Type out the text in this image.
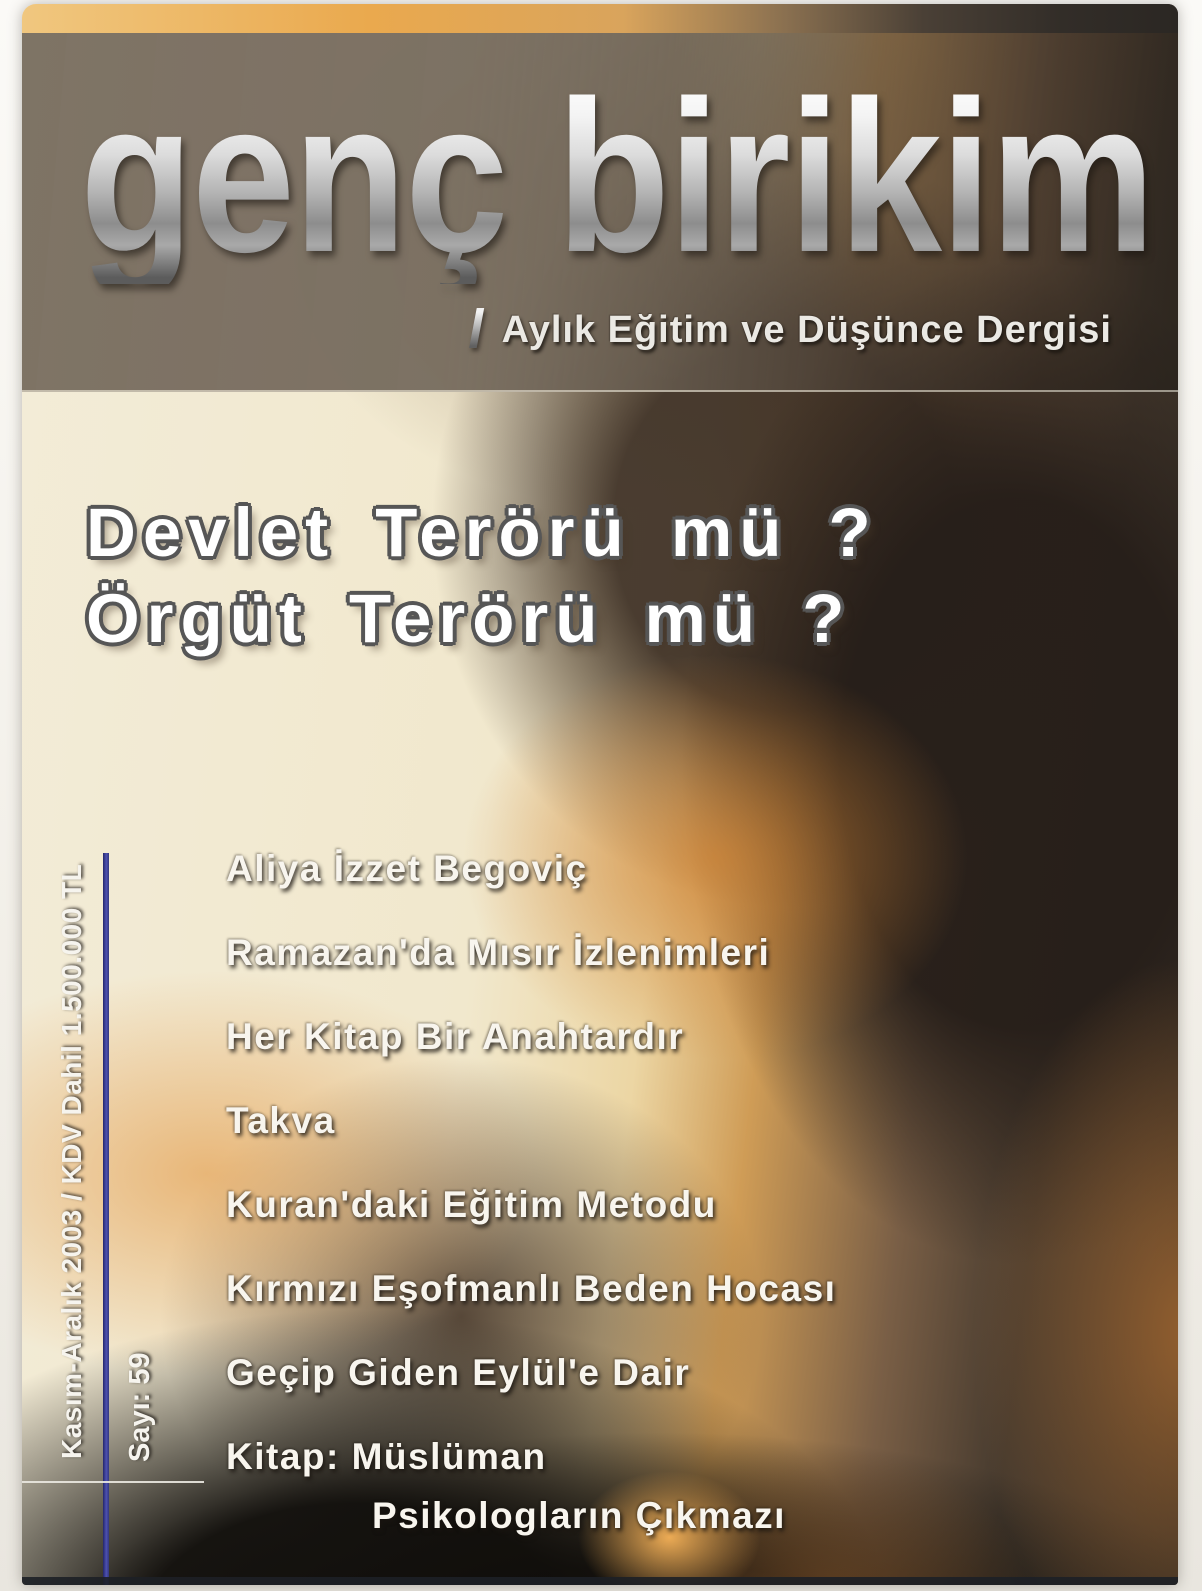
genç birikim
/ Aylık Eğitim ve Düşünce Dergisi
Devlet Terörü mü ?
Örgüt Terörü mü ?
Aliya İzzet Begoviç
Ramazan'da Mısır İzlenimleri
Her Kitap Bir Anahtardır
Takva
Kuran'daki Eğitim Metodu
Kırmızı Eşofmanlı Beden Hocası
Geçip Giden Eylül'e Dair
Kitap: Müslüman
Psikologların Çıkmazı
Kasım-Aralık 2003 / KDV Dahil 1.500.000 TL	Sayı: 59
